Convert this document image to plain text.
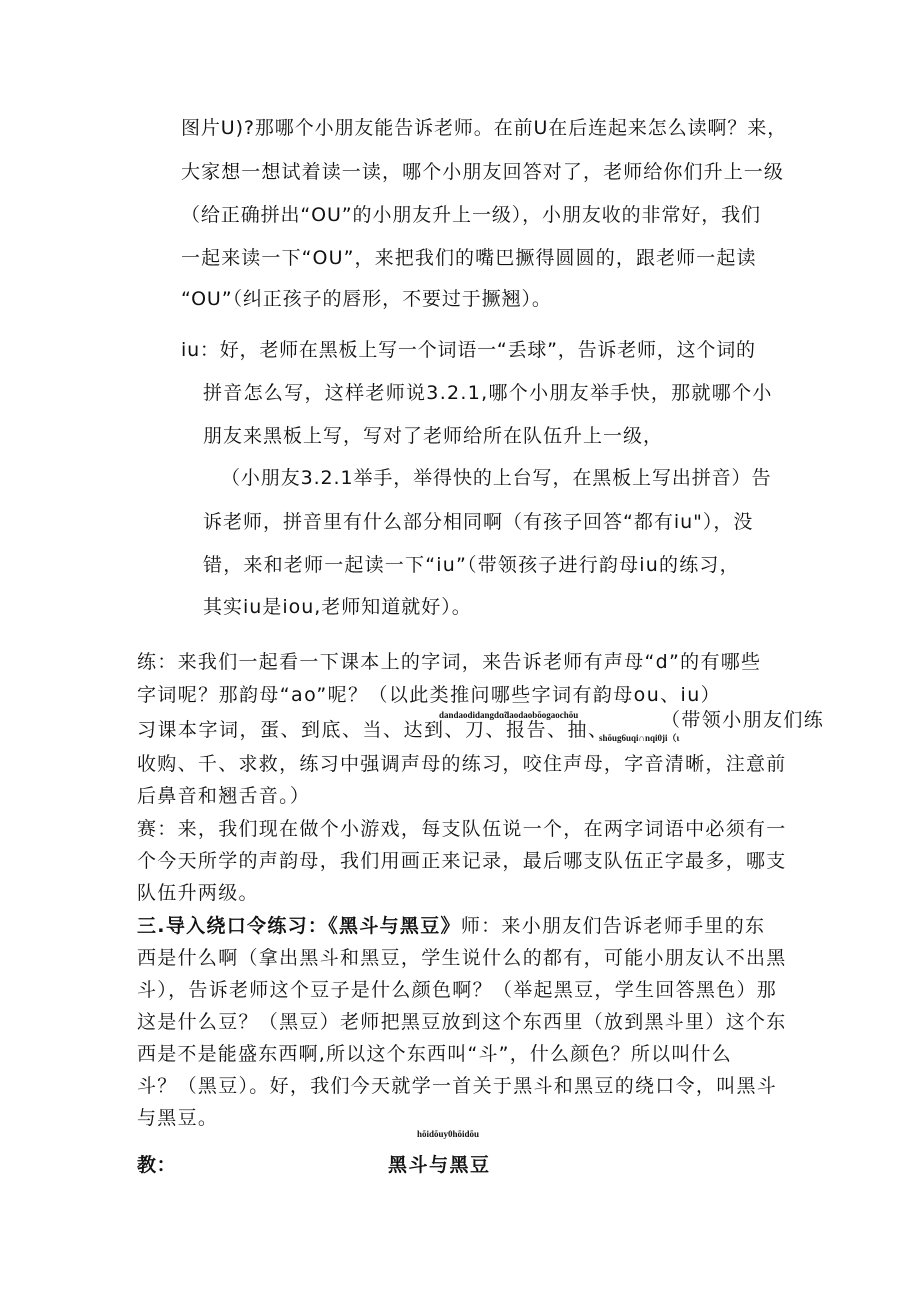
图片U)?那哪个小朋友能告诉老师。在前U在后连起来怎么读啊？来，
大家想一想试着读一读，哪个小朋友回答对了，老师给你们升上一级
（给正确拼出“OU”的小朋友升上一级），小朋友收的非常好，我们
一起来读一下“OU”，来把我们的嘴巴撅得圆圆的，跟老师一起读
“OU”（纠正孩子的唇形，不要过于撅翘）。
iu：好，老师在黑板上写一个词语一“丢球”，告诉老师，这个词的
拼音怎么写，这样老师说3.2.1,哪个小朋友举手快，那就哪个小
朋友来黑板上写，写对了老师给所在队伍升上一级，
（小朋友3.2.1举手，举得快的上台写，在黑板上写出拼音）告
诉老师，拼音里有什么部分相同啊（有孩子回答“都有iu"），没
错，来和老师一起读一下“iu”（带领孩子进行韵母iu的练习，
其实iu是iou,老师知道就好）。
练：来我们一起看一下课本上的字词，来告诉老师有声母“d”的有哪些
字词呢？那韵母“ao”呢？（以此类推问哪些字词有韵母ou、iu）
dandaodidangdɑ̃daodaobõogaochõu	（带领小朋友们练
习课本字词，蛋、到底、当、达到、刀、报告、抽、
shõug6uqi∩nqi0ji（ι
收购、千、求救，练习中强调声母的练习，咬住声母，字音清晰，注意前
后鼻音和翘舌音。）
赛：来，我们现在做个小游戏，每支队伍说一个，在两字词语中必须有一
个今天所学的声韵母，我们用画正来记录，最后哪支队伍正字最多，哪支
队伍升两级。
三.导入绕口令练习：《黑斗与黑豆》师：来小朋友们告诉老师手里的东
西是什么啊（拿出黑斗和黑豆，学生说什么的都有，可能小朋友认不出黑
斗），告诉老师这个豆子是什么颜色啊？（举起黑豆，学生回答黑色）那
这是什么豆？（黑豆）老师把黑豆放到这个东西里（放到黑斗里）这个东
西是不是能盛东西啊,所以这个东西叫“斗”，什么颜色？所以叫什么
斗？（黑豆）。好，我们今天就学一首关于黑斗和黑豆的绕口令，叫黑斗
与黑豆。
hõidõuy0hõidõu
教：	黑斗与黑豆
